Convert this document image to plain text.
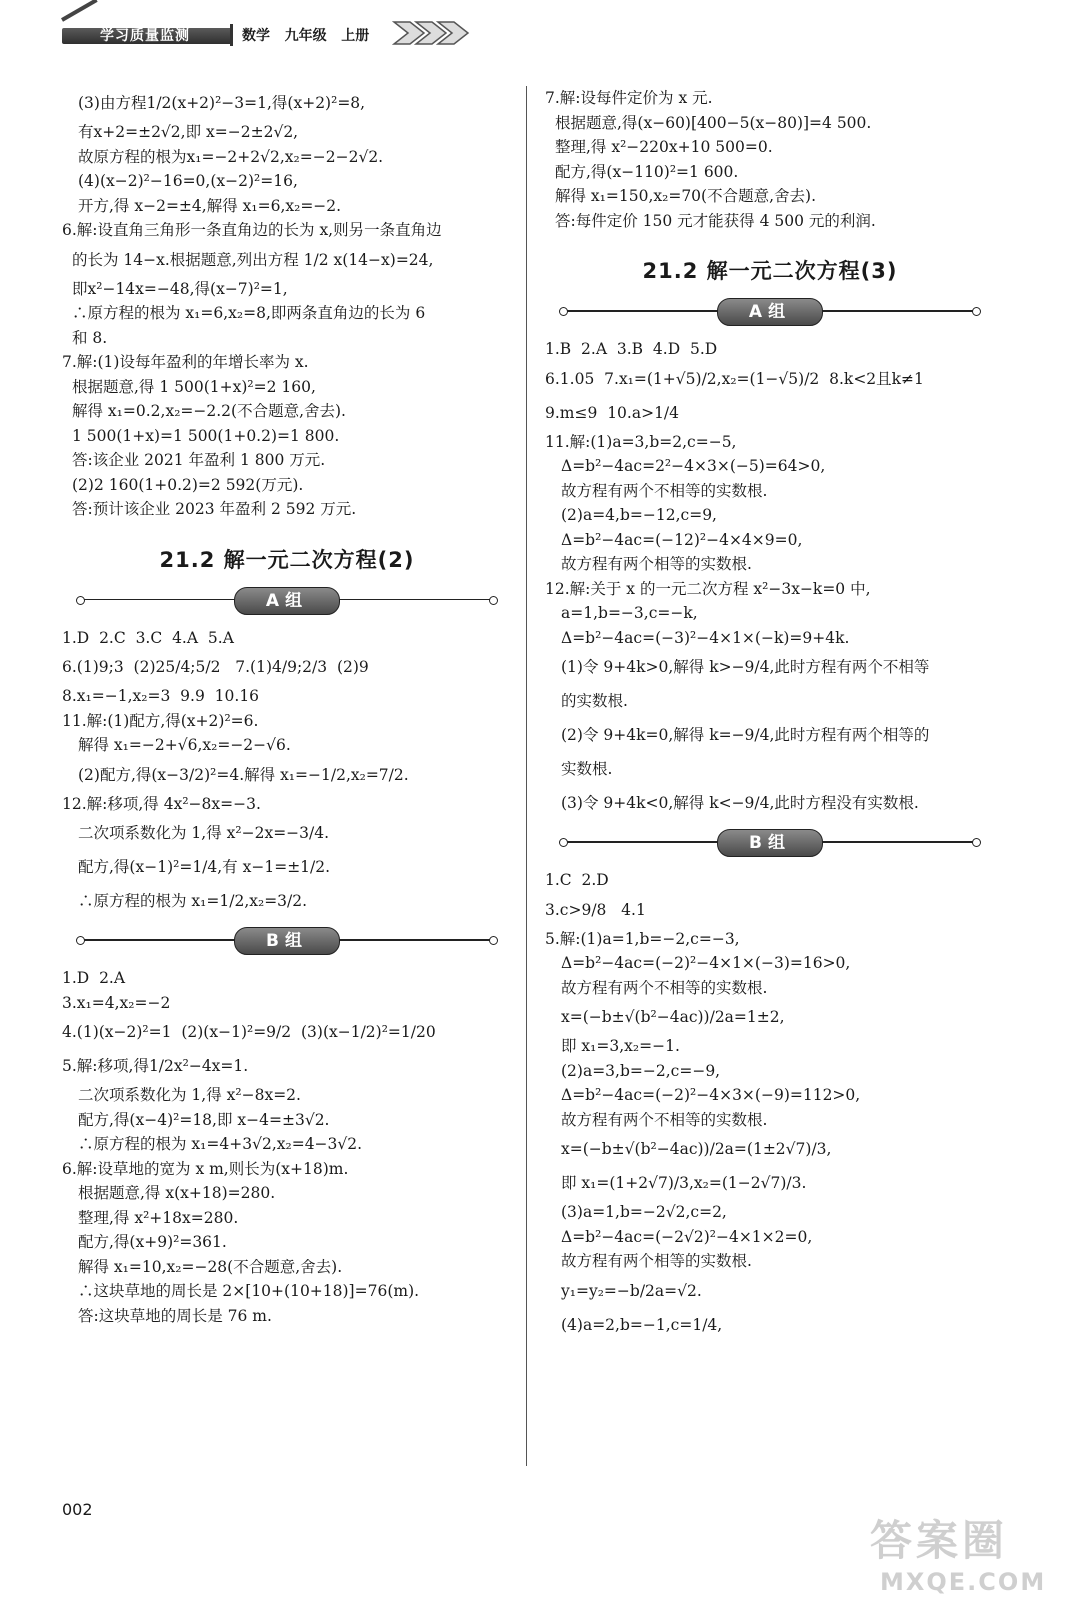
学习质量监测	数学 九年级 上册
(3)由方程1/2(x+2)²−3=1,得(x+2)²=8,
有x+2=±2√2,即 x=−2±2√2,
故原方程的根为x₁=−2+2√2,x₂=−2−2√2.
(4)(x−2)²−16=0,(x−2)²=16,
开方,得 x−2=±4,解得 x₁=6,x₂=−2.
6.解:设直角三角形一条直角边的长为 x,则另一条直角边
的长为 14−x.根据题意,列出方程 1/2 x(14−x)=24,
即x²−14x=−48,得(x−7)²=1,
∴原方程的根为 x₁=6,x₂=8,即两条直角边的长为 6
和 8.
7.解:(1)设每年盈利的年增长率为 x.
根据题意,得 1 500(1+x)²=2 160,
解得 x₁=0.2,x₂=−2.2(不合题意,舍去).
1 500(1+x)=1 500(1+0.2)=1 800.
答:该企业 2021 年盈利 1 800 万元.
(2)2 160(1+0.2)=2 592(万元).
答:预计该企业 2023 年盈利 2 592 万元.
21.2 解一元二次方程(2)
A组
1.D  2.C  3.C  4.A  5.A
6.(1)9;3  (2)25/4;5/2   7.(1)4/9;2/3  (2)9
8.x₁=−1,x₂=3  9.9  10.16
11.解:(1)配方,得(x+2)²=6.
解得 x₁=−2+√6,x₂=−2−√6.
(2)配方,得(x−3/2)²=4.解得 x₁=−1/2,x₂=7/2.
12.解:移项,得 4x²−8x=−3.
二次项系数化为 1,得 x²−2x=−3/4.
配方,得(x−1)²=1/4,有 x−1=±1/2.
∴原方程的根为 x₁=1/2,x₂=3/2.
B组
1.D  2.A
3.x₁=4,x₂=−2
4.(1)(x−2)²=1  (2)(x−1)²=9/2  (3)(x−1/2)²=1/20
5.解:移项,得1/2x²−4x=1.
二次项系数化为 1,得 x²−8x=2.
配方,得(x−4)²=18,即 x−4=±3√2.
∴原方程的根为 x₁=4+3√2,x₂=4−3√2.
6.解:设草地的宽为 x m,则长为(x+18)m.
根据题意,得 x(x+18)=280.
整理,得 x²+18x=280.
配方,得(x+9)²=361.
解得 x₁=10,x₂=−28(不合题意,舍去).
∴这块草地的周长是 2×[10+(10+18)]=76(m).
答:这块草地的周长是 76 m.
7.解:设每件定价为 x 元.
根据题意,得(x−60)[400−5(x−80)]=4 500.
整理,得 x²−220x+10 500=0.
配方,得(x−110)²=1 600.
解得 x₁=150,x₂=70(不合题意,舍去).
答:每件定价 150 元才能获得 4 500 元的利润.
21.2 解一元二次方程(3)
A组
1.B  2.A  3.B  4.D  5.D
6.1.05  7.x₁=(1+√5)/2,x₂=(1−√5)/2  8.k<2且k≠1
9.m≤9  10.a>1/4
11.解:(1)a=3,b=2,c=−5,
Δ=b²−4ac=2²−4×3×(−5)=64>0,
故方程有两个不相等的实数根.
(2)a=4,b=−12,c=9,
Δ=b²−4ac=(−12)²−4×4×9=0,
故方程有两个相等的实数根.
12.解:关于 x 的一元二次方程 x²−3x−k=0 中,
a=1,b=−3,c=−k,
Δ=b²−4ac=(−3)²−4×1×(−k)=9+4k.
(1)令 9+4k>0,解得 k>−9/4,此时方程有两个不相等
的实数根.
(2)令 9+4k=0,解得 k=−9/4,此时方程有两个相等的
实数根.
(3)令 9+4k<0,解得 k<−9/4,此时方程没有实数根.
B组
1.C  2.D
3.c>9/8   4.1
5.解:(1)a=1,b=−2,c=−3,
Δ=b²−4ac=(−2)²−4×1×(−3)=16>0,
故方程有两个不相等的实数根.
x=(−b±√(b²−4ac))/2a=1±2,
即 x₁=3,x₂=−1.
(2)a=3,b=−2,c=−9,
Δ=b²−4ac=(−2)²−4×3×(−9)=112>0,
故方程有两个不相等的实数根.
x=(−b±√(b²−4ac))/2a=(1±2√7)/3,
即 x₁=(1+2√7)/3,x₂=(1−2√7)/3.
(3)a=1,b=−2√2,c=2,
Δ=b²−4ac=(−2√2)²−4×1×2=0,
故方程有两个相等的实数根.
y₁=y₂=−b/2a=√2.
(4)a=2,b=−1,c=1/4,
002
答案圈
MXQE.COM
